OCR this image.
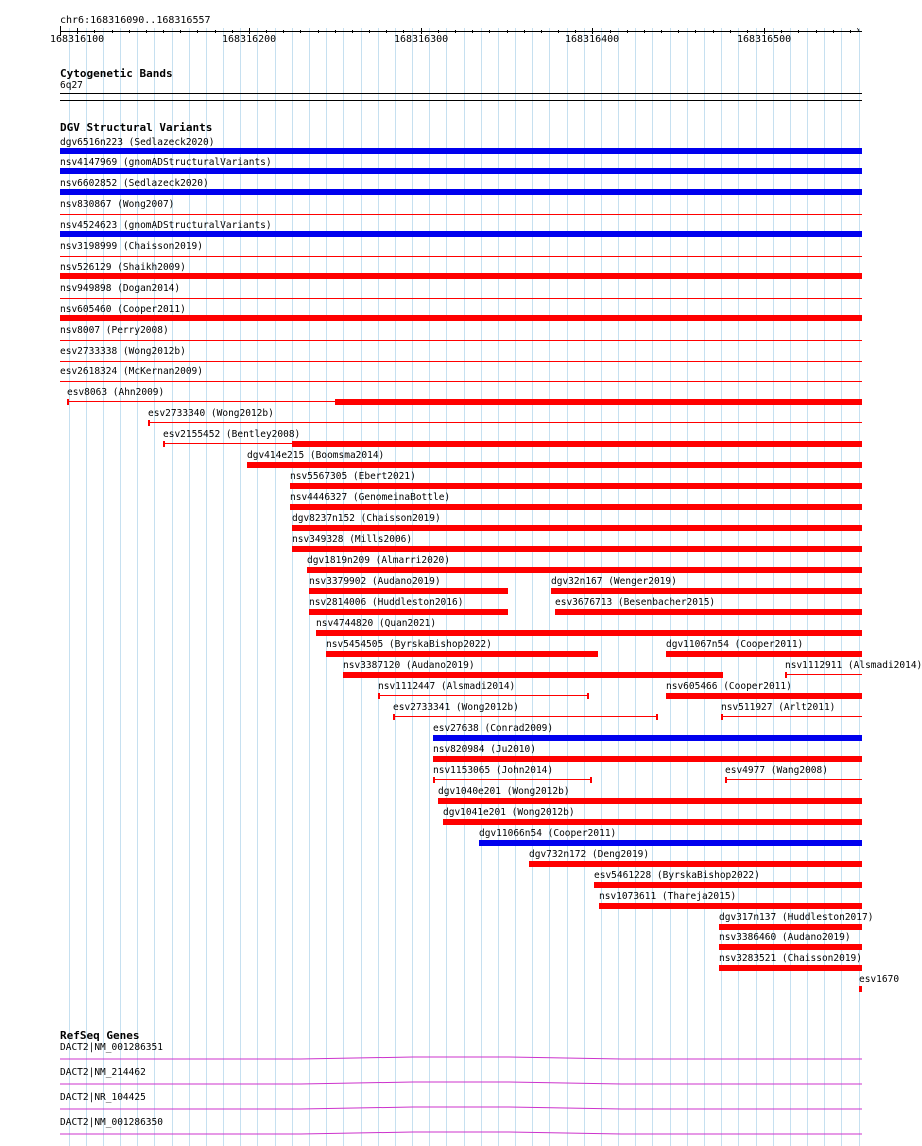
chr6:168316090..168316557
›
168316100	168316200	168316300	168316400	168316500
Cytogenetic Bands
6q27
DGV Structural Variants
dgv6516n223 (Sedlazeck2020)
nsv4147969 (gnomADStructuralVariants)
nsv6602852 (Sedlazeck2020)
nsv830867 (Wong2007)
nsv4524623 (gnomADStructuralVariants)
nsv3198999 (Chaisson2019)
nsv526129 (Shaikh2009)
nsv949898 (Dogan2014)
nsv605460 (Cooper2011)
nsv8007 (Perry2008)
esv2733338 (Wong2012b)
esv2618324 (McKernan2009)
esv8063 (Ahn2009)
esv2733340 (Wong2012b)
esv2155452 (Bentley2008)
dgv414e215 (Boomsma2014)
nsv5567305 (Ebert2021)
nsv4446327 (GenomeinaBottle)
dgv8237n152 (Chaisson2019)
nsv349328 (Mills2006)
dgv1819n209 (Almarri2020)
nsv3379902 (Audano2019)	dgv32n167 (Wenger2019)
nsv2814006 (Huddleston2016)	esv3676713 (Besenbacher2015)
nsv4744820 (Quan2021)
nsv5454505 (ByrskaBishop2022)	dgv11067n54 (Cooper2011)
nsv3387120 (Audano2019)	nsv1112911 (Alsmadi2014)
nsv1112447 (Alsmadi2014)	nsv605466 (Cooper2011)
esv2733341 (Wong2012b)	nsv511927 (Arlt2011)
esv27638 (Conrad2009)
nsv820984 (Ju2010)
nsv1153065 (John2014)	esv4977 (Wang2008)
dgv1040e201 (Wong2012b)
dgv1041e201 (Wong2012b)
dgv11066n54 (Cooper2011)
dgv732n172 (Deng2019)
esv5461228 (ByrskaBishop2022)
nsv1073611 (Thareja2015)
dgv317n137 (Huddleston2017)
nsv3386460 (Audano2019)
nsv3283521 (Chaisson2019)
esv1670
RefSeq Genes
DACT2|NM_001286351
DACT2|NM_214462
DACT2|NR_104425
DACT2|NM_001286350
